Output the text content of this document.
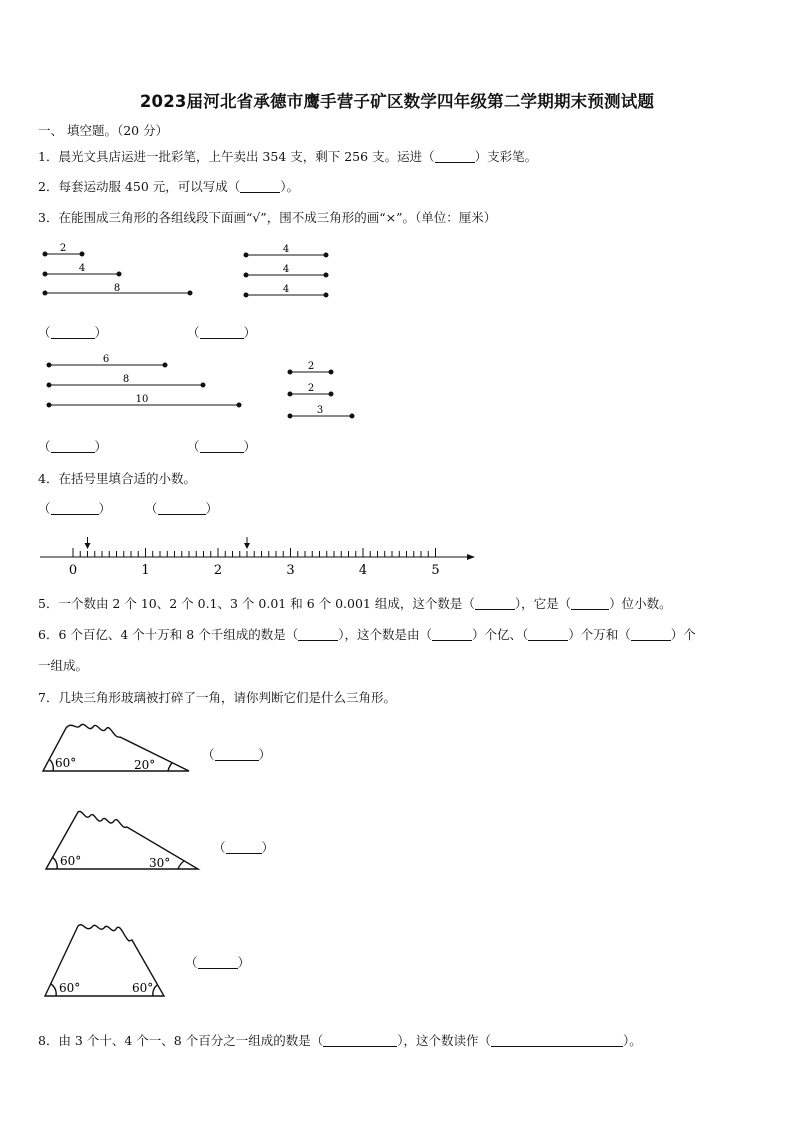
2023届河北省承德市鹰手营子矿区数学四年级第二学期期末预测试题
一、 填空题。（20 分）
1．晨光文具店运进一批彩笔，上午卖出 354 支，剩下 256 支。运进（	）支彩笔。
2．每套运动服 450 元，可以写成（	）。
3．在能围成三角形的各组线段下面画“√”，围不成三角形的画“×”。（单位：厘米）
2
4
8
4
4
4
6
8
10
2
2
3
（	）	（	）
（	）	（	）
4．在括号里填合适的小数。
（	）	（	）
0	1	2	3	4	5
5．一个数由 2 个 10、2 个 0.1、3 个 0.01 和 6 个 0.001 组成，这个数是（	），它是（	）位小数。
6．6 个百亿、4 个十万和 8 个千组成的数是（	），这个数是由（	）个亿、（	）个万和（	）个
一组成。
7．几块三角形玻璃被打碎了一角，请你判断它们是什么三角形。
60°	20°
60°	30°
60°	60°
（	）
（	）
（	）
8．由 3 个十、4 个一、8 个百分之一组成的数是（	），这个数读作（	）。
